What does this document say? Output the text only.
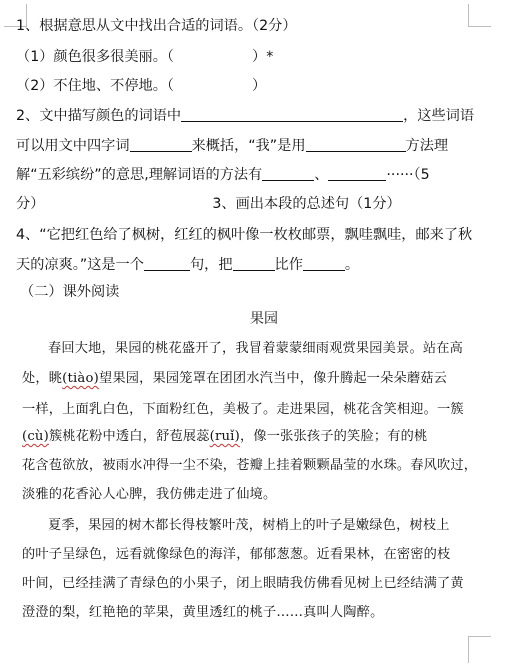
1、根据意思从文中找出合适的词语。（2分）
（1）颜色很多很美丽。（	）*
（2）不住地、不停地。（	）
2、文中描写颜色的词语中	，这些词语
可以用文中四字词	来概括，“我”是用	方法理
解“五彩缤纷”的意思,理解词语的方法有	、	······（5
分）	3、画出本段的总述句（1分）
4、“它把红色给了枫树，红红的枫叶像一枚枚邮票，飘哇飘哇，邮来了秋
天的凉爽。”这是一个	句，把	比作	。
（二）课外阅读
果园
春回大地，果园的桃花盛开了，我冒着蒙蒙细雨观赏果园美景。站在高
处，眺(tiào)望果园，果园笼罩在团团水汽当中，像升腾起一朵朵蘑菇云
一样，上面乳白色，下面粉红色，美极了。走进果园，桃花含笑相迎。一簇
(cù)簇桃花粉中透白，舒苞展蕊(ruǐ)，像一张张孩子的笑脸；有的桃
花含苞欲放，被雨水冲得一尘不染，苍瓣上挂着颗颗晶莹的水珠。春风吹过，
淡雅的花香沁人心脾，我仿佛走进了仙境。
夏季，果园的树木都长得枝繁叶茂，树梢上的叶子是嫩绿色，树枝上
的叶子呈绿色，远看就像绿色的海洋，郁郁葱葱。近看果林，在密密的枝
叶间，已经挂满了青绿色的小果子，闭上眼睛我仿佛看见树上已经结满了黄
澄澄的梨，红艳艳的苹果，黄里透红的桃子……真叫人陶醉。
